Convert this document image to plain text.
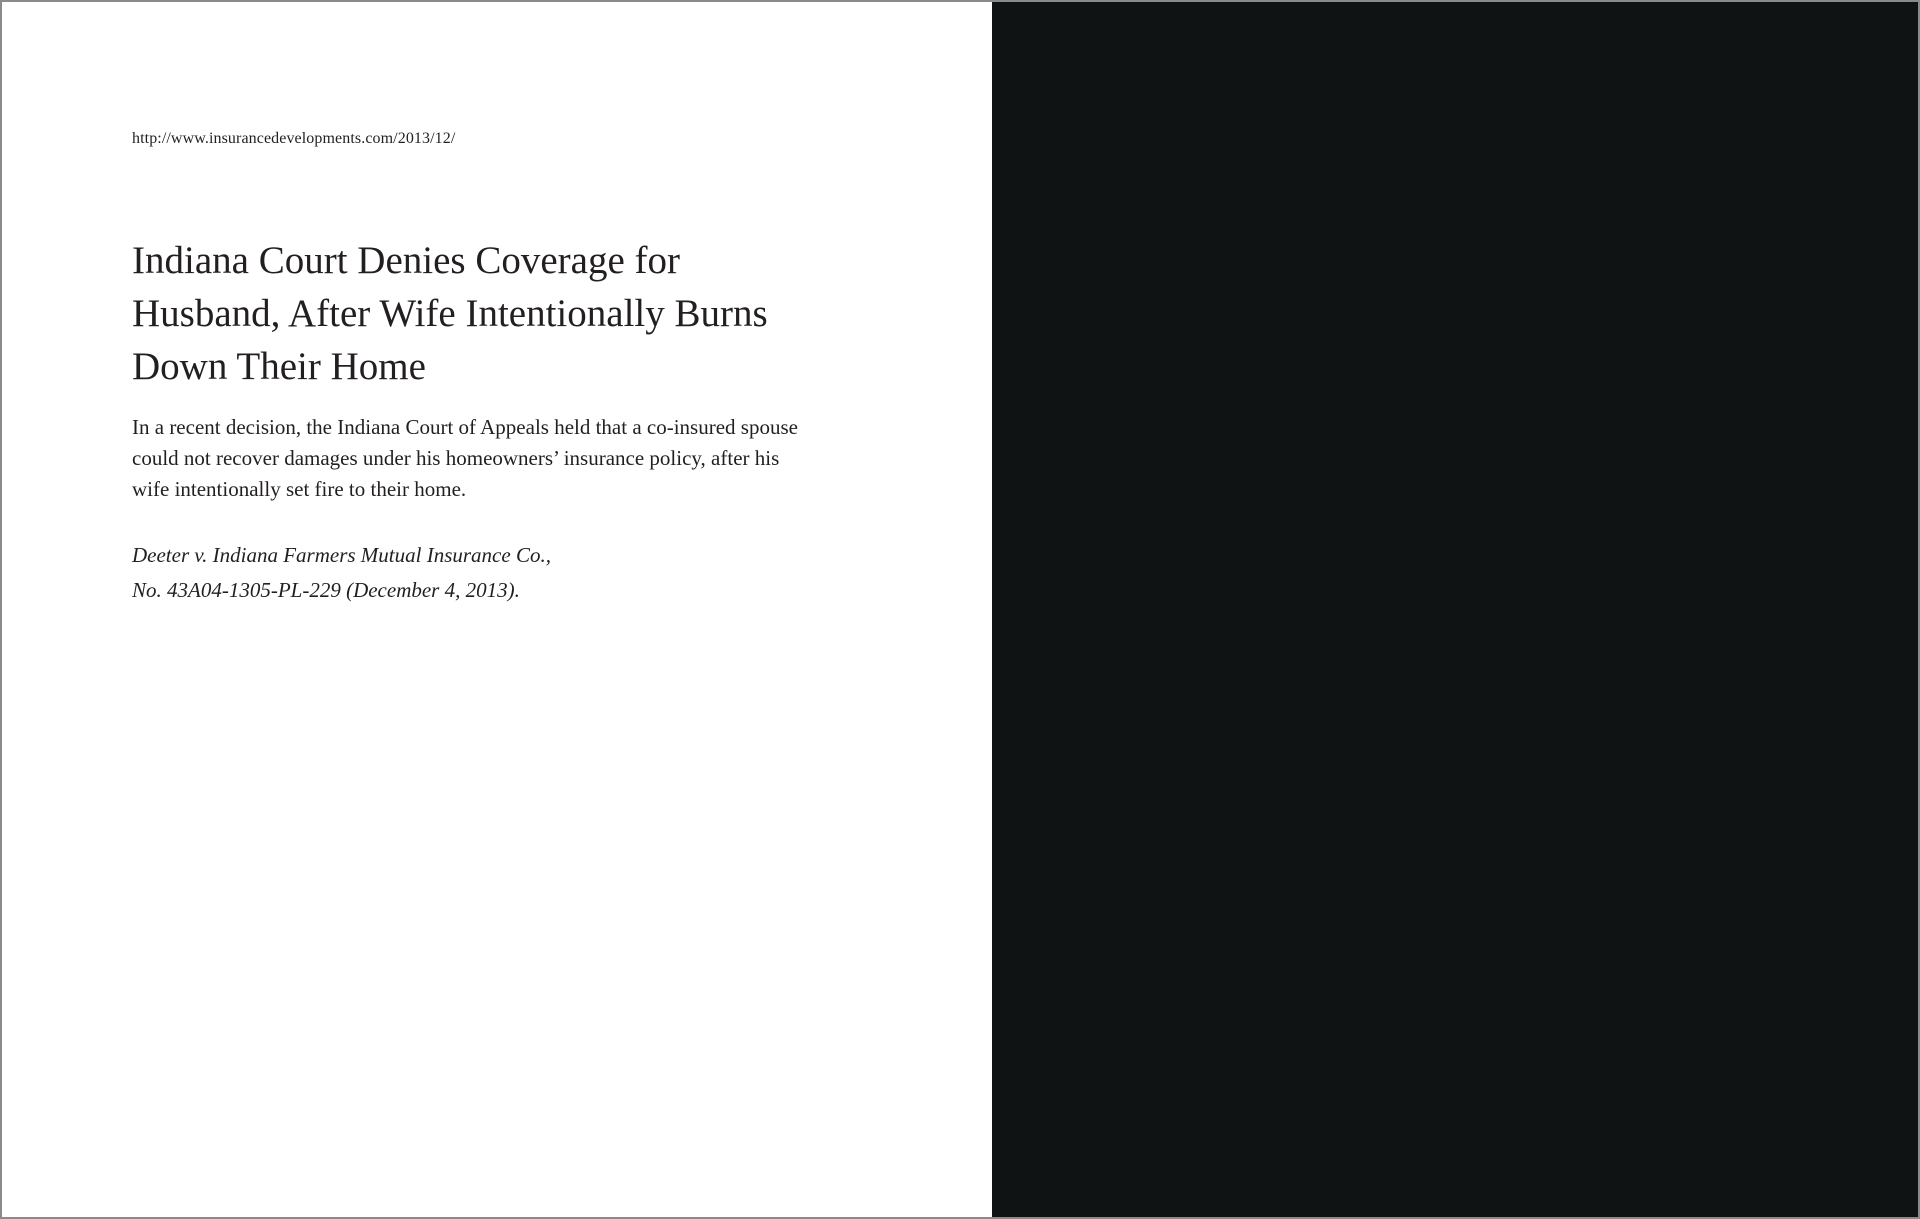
http://www.insurancedevelopments.com/2013/12/
Indiana Court Denies Coverage for Husband, After Wife Intentionally Burns Down Their Home

In a recent decision, the Indiana Court of Appeals held that a co-insured spouse could not recover damages under his homeowners’ insurance policy, after his wife intentionally set fire to their home.

Deeter v. Indiana Farmers Mutual Insurance Co.,
No. 43A04-1305-PL-229 (December 4, 2013).
